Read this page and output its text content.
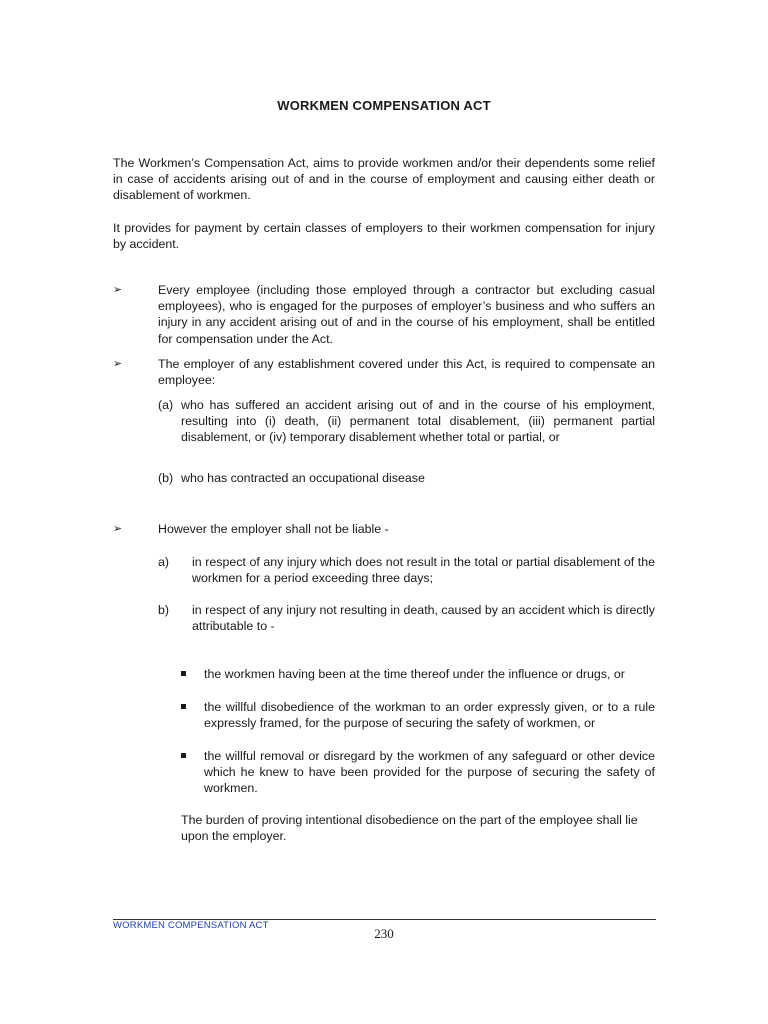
WORKMEN COMPENSATION ACT

The Workmen’s Compensation Act, aims to provide workmen and/or their dependents some relief in case of accidents arising out of and in the course of employment and causing either death or disablement of workmen.

It provides for payment by certain classes of employers to their workmen compensation for injury by accident.

➢	Every employee (including those employed through a contractor but excluding casual employees), who is engaged for the purposes of employer’s business and who suffers an injury in any accident arising out of and in the course of his employment, shall be entitled for compensation under the Act.
➢	The employer of any establishment covered under this Act, is required to compensate an employee:
(a) who has suffered an accident arising out of and in the course of his employment, resulting into (i) death, (ii) permanent total disablement, (iii) permanent partial disablement, or (iv) temporary disablement whether total or partial, or
(b) who has contracted an occupational disease
➢	However the employer shall not be liable -
a) in respect of any injury which does not result in the total or partial disablement of the workmen for a period exceeding three days;
b) in respect of any injury not resulting in death, caused by an accident which is directly attributable to -
the workmen having been at the time thereof under the influence or drugs, or
the willful disobedience of the workman to an order expressly given, or to a rule expressly framed, for the purpose of securing the safety of workmen, or
the willful removal or disregard by the workmen of any safeguard or other device which he knew to have been provided for the purpose of securing the safety of workmen.
The burden of proving intentional disobedience on the part of the employee shall lie upon the employer.
WORKMEN COMPENSATION ACT
230
